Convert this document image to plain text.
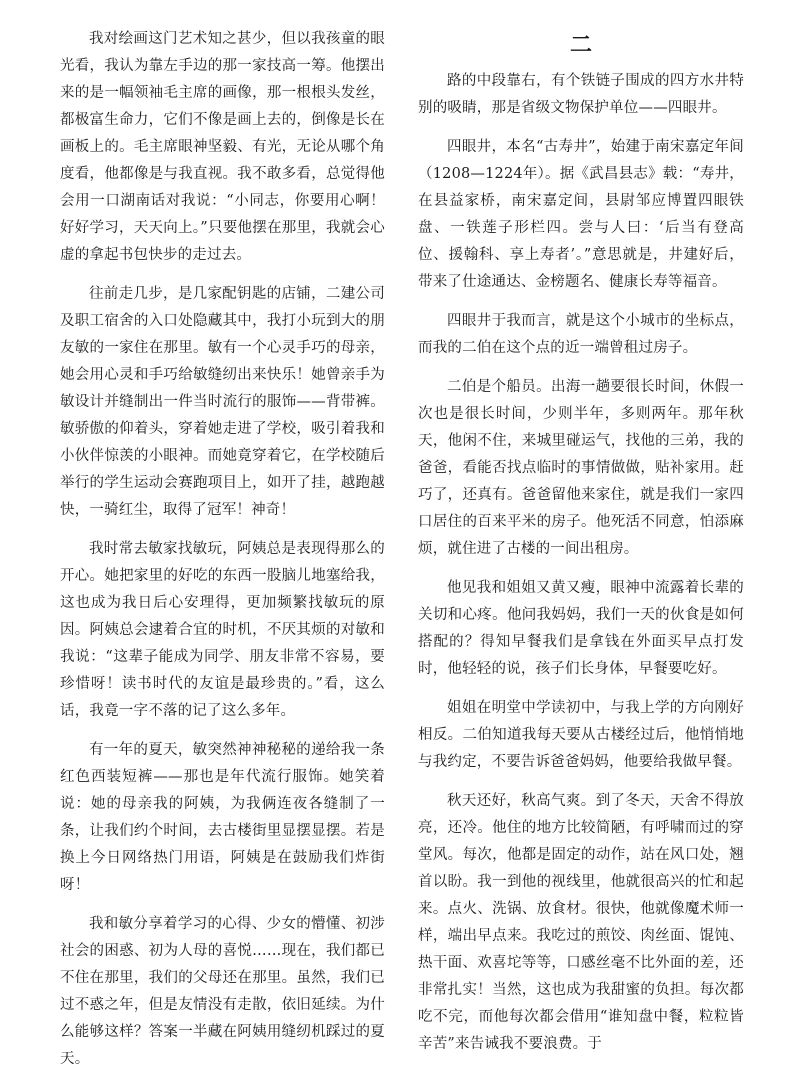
我对绘画这门艺术知之甚少，但以我孩童的眼光看，我认为靠左手边的那一家技高一筹。他摆出来的是一幅领袖毛主席的画像，那一根根头发丝，都极富生命力，它们不像是画上去的，倒像是长在画板上的。毛主席眼神坚毅、有光，无论从哪个角度看，他都像是与我直视。我不敢多看，总觉得他会用一口湖南话对我说：“小同志，你要用心啊！好好学习，天天向上。”只要他摆在那里，我就会心虚的拿起书包快步的走过去。

往前走几步，是几家配钥匙的店铺，二建公司及职工宿舍的入口处隐藏其中，我打小玩到大的朋友敏的一家住在那里。敏有一个心灵手巧的母亲，她会用心灵和手巧给敏缝纫出来快乐！她曾亲手为敏设计并缝制出一件当时流行的服饰——背带裤。敏骄傲的仰着头，穿着她走进了学校，吸引着我和小伙伴惊羡的小眼神。而她竟穿着它，在学校随后举行的学生运动会赛跑项目上，如开了挂，越跑越快，一骑红尘，取得了冠军！神奇！

我时常去敏家找敏玩，阿姨总是表现得那么的开心。她把家里的好吃的东西一股脑儿地塞给我，这也成为我日后心安理得，更加频繁找敏玩的原因。阿姨总会逮着合宜的时机，不厌其烦的对敏和我说：“这辈子能成为同学、朋友非常不容易，要珍惜呀！读书时代的友谊是最珍贵的。”看，这么话，我竟一字不落的记了这么多年。

有一年的夏天，敏突然神神秘秘的递给我一条红色西装短裤——那也是年代流行服饰。她笑着说：她的母亲我的阿姨，为我俩连夜各缝制了一条，让我们约个时间，去古楼街里显摆显摆。若是换上今日网络热门用语，阿姨是在鼓励我们炸街呀！

我和敏分享着学习的心得、少女的懵懂、初涉社会的困惑、初为人母的喜悦……现在，我们都已不住在那里，我们的父母还在那里。虽然，我们已过不惑之年，但是友情没有走散，依旧延续。为什么能够这样？答案一半藏在阿姨用缝纫机踩过的夏天。

二

路的中段靠右，有个铁链子围成的四方水井特别的吸睛，那是省级文物保护单位——四眼井。

四眼井，本名“古寿井”，始建于南宋嘉定年间（1208—1224年）。据《武昌县志》载：“寿井，在县益家桥，南宋嘉定间，县尉邹应博置四眼铁盘、一铁莲子形栏四。尝与人曰：‘后当有登高位、援翰科、享上寿者’。”意思就是，井建好后，带来了仕途通达、金榜题名、健康长寿等福音。

四眼井于我而言，就是这个小城市的坐标点，而我的二伯在这个点的近一端曾租过房子。

二伯是个船员。出海一趟要很长时间，休假一次也是很长时间，少则半年，多则两年。那年秋天，他闲不住，来城里碰运气，找他的三弟，我的爸爸，看能否找点临时的事情做做，贴补家用。赶巧了，还真有。爸爸留他来家住，就是我们一家四口居住的百来平米的房子。他死活不同意，怕添麻烦，就住进了古楼的一间出租房。

他见我和姐姐又黄又瘦，眼神中流露着长辈的关切和心疼。他问我妈妈，我们一天的伙食是如何搭配的？得知早餐我们是拿钱在外面买早点打发时，他轻轻的说，孩子们长身体，早餐要吃好。

姐姐在明堂中学读初中，与我上学的方向刚好相反。二伯知道我每天要从古楼经过后，他悄悄地与我约定，不要告诉爸爸妈妈，他要给我做早餐。

秋天还好，秋高气爽。到了冬天，天舍不得放亮，还冷。他住的地方比较简陋，有呼啸而过的穿堂风。每次，他都是固定的动作，站在风口处，翘首以盼。我一到他的视线里，他就很高兴的忙和起来。点火、洗锅、放食材。很快，他就像魔术师一样，端出早点来。我吃过的煎饺、肉丝面、馄饨、热干面、欢喜坨等等，口感丝毫不比外面的差，还非常扎实！当然，这也成为我甜蜜的负担。每次都吃不完，而他每次都会借用“谁知盘中餐，粒粒皆辛苦”来告诫我不要浪费。于
